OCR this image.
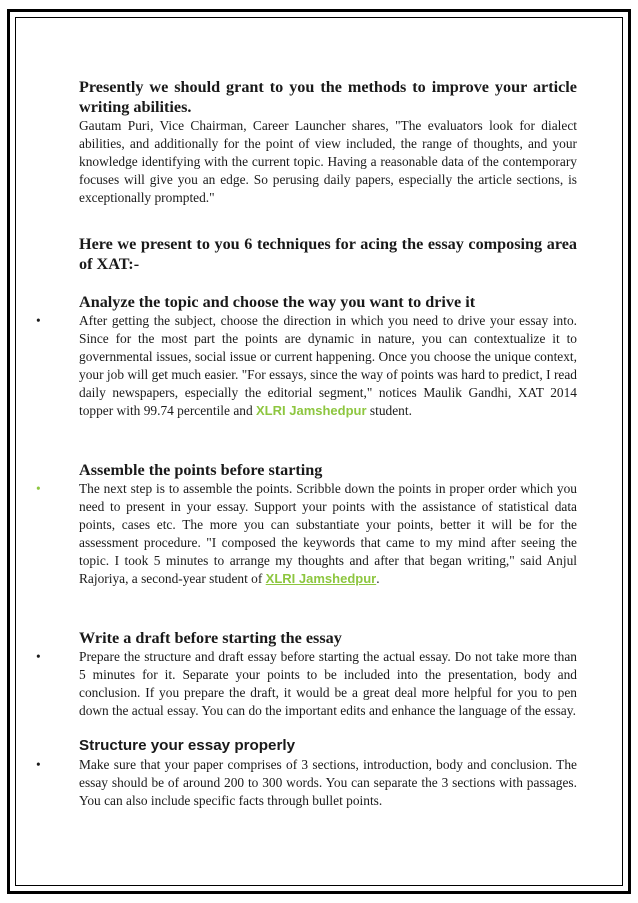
Presently we should grant to you the methods to improve your article writing abilities.

Gautam Puri, Vice Chairman, Career Launcher shares, "The evaluators look for dialect abilities, and additionally for the point of view included, the range of thoughts, and your knowledge identifying with the current topic. Having a reasonable data of the contemporary focuses will give you an edge. So perusing daily papers, especially the article sections, is exceptionally prompted."

Here we present to you 6 techniques for acing the essay composing area of XAT:-

Analyze the topic and choose the way you want to drive it

•	After getting the subject, choose the direction in which you need to drive your essay into. Since for the most part the points are dynamic in nature, you can contextualize it to governmental issues, social issue or current happening. Once you choose the unique context, your job will get much easier. "For essays, since the way of points was hard to predict, I read daily newspapers, especially the editorial segment," notices Maulik Gandhi, XAT 2014 topper with 99.74 percentile and XLRI Jamshedpur student.

Assemble the points before starting

•	The next step is to assemble the points. Scribble down the points in proper order which you need to present in your essay. Support your points with the assistance of statistical data points, cases etc. The more you can substantiate your points, better it will be for the assessment procedure. "I composed the keywords that came to my mind after seeing the topic. I took 5 minutes to arrange my thoughts and after that began writing," said Anjul Rajoriya, a second-year student of XLRI Jamshedpur.

Write a draft before starting the essay

•	Prepare the structure and draft essay before starting the actual essay. Do not take more than 5 minutes for it. Separate your points to be included into the presentation, body and conclusion. If you prepare the draft, it would be a great deal more helpful for you to pen down the actual essay. You can do the important edits and enhance the language of the essay.

Structure your essay properly

•	Make sure that your paper comprises of 3 sections, introduction, body and conclusion. The essay should be of around 200 to 300 words. You can separate the 3 sections with passages. You can also include specific facts through bullet points.
